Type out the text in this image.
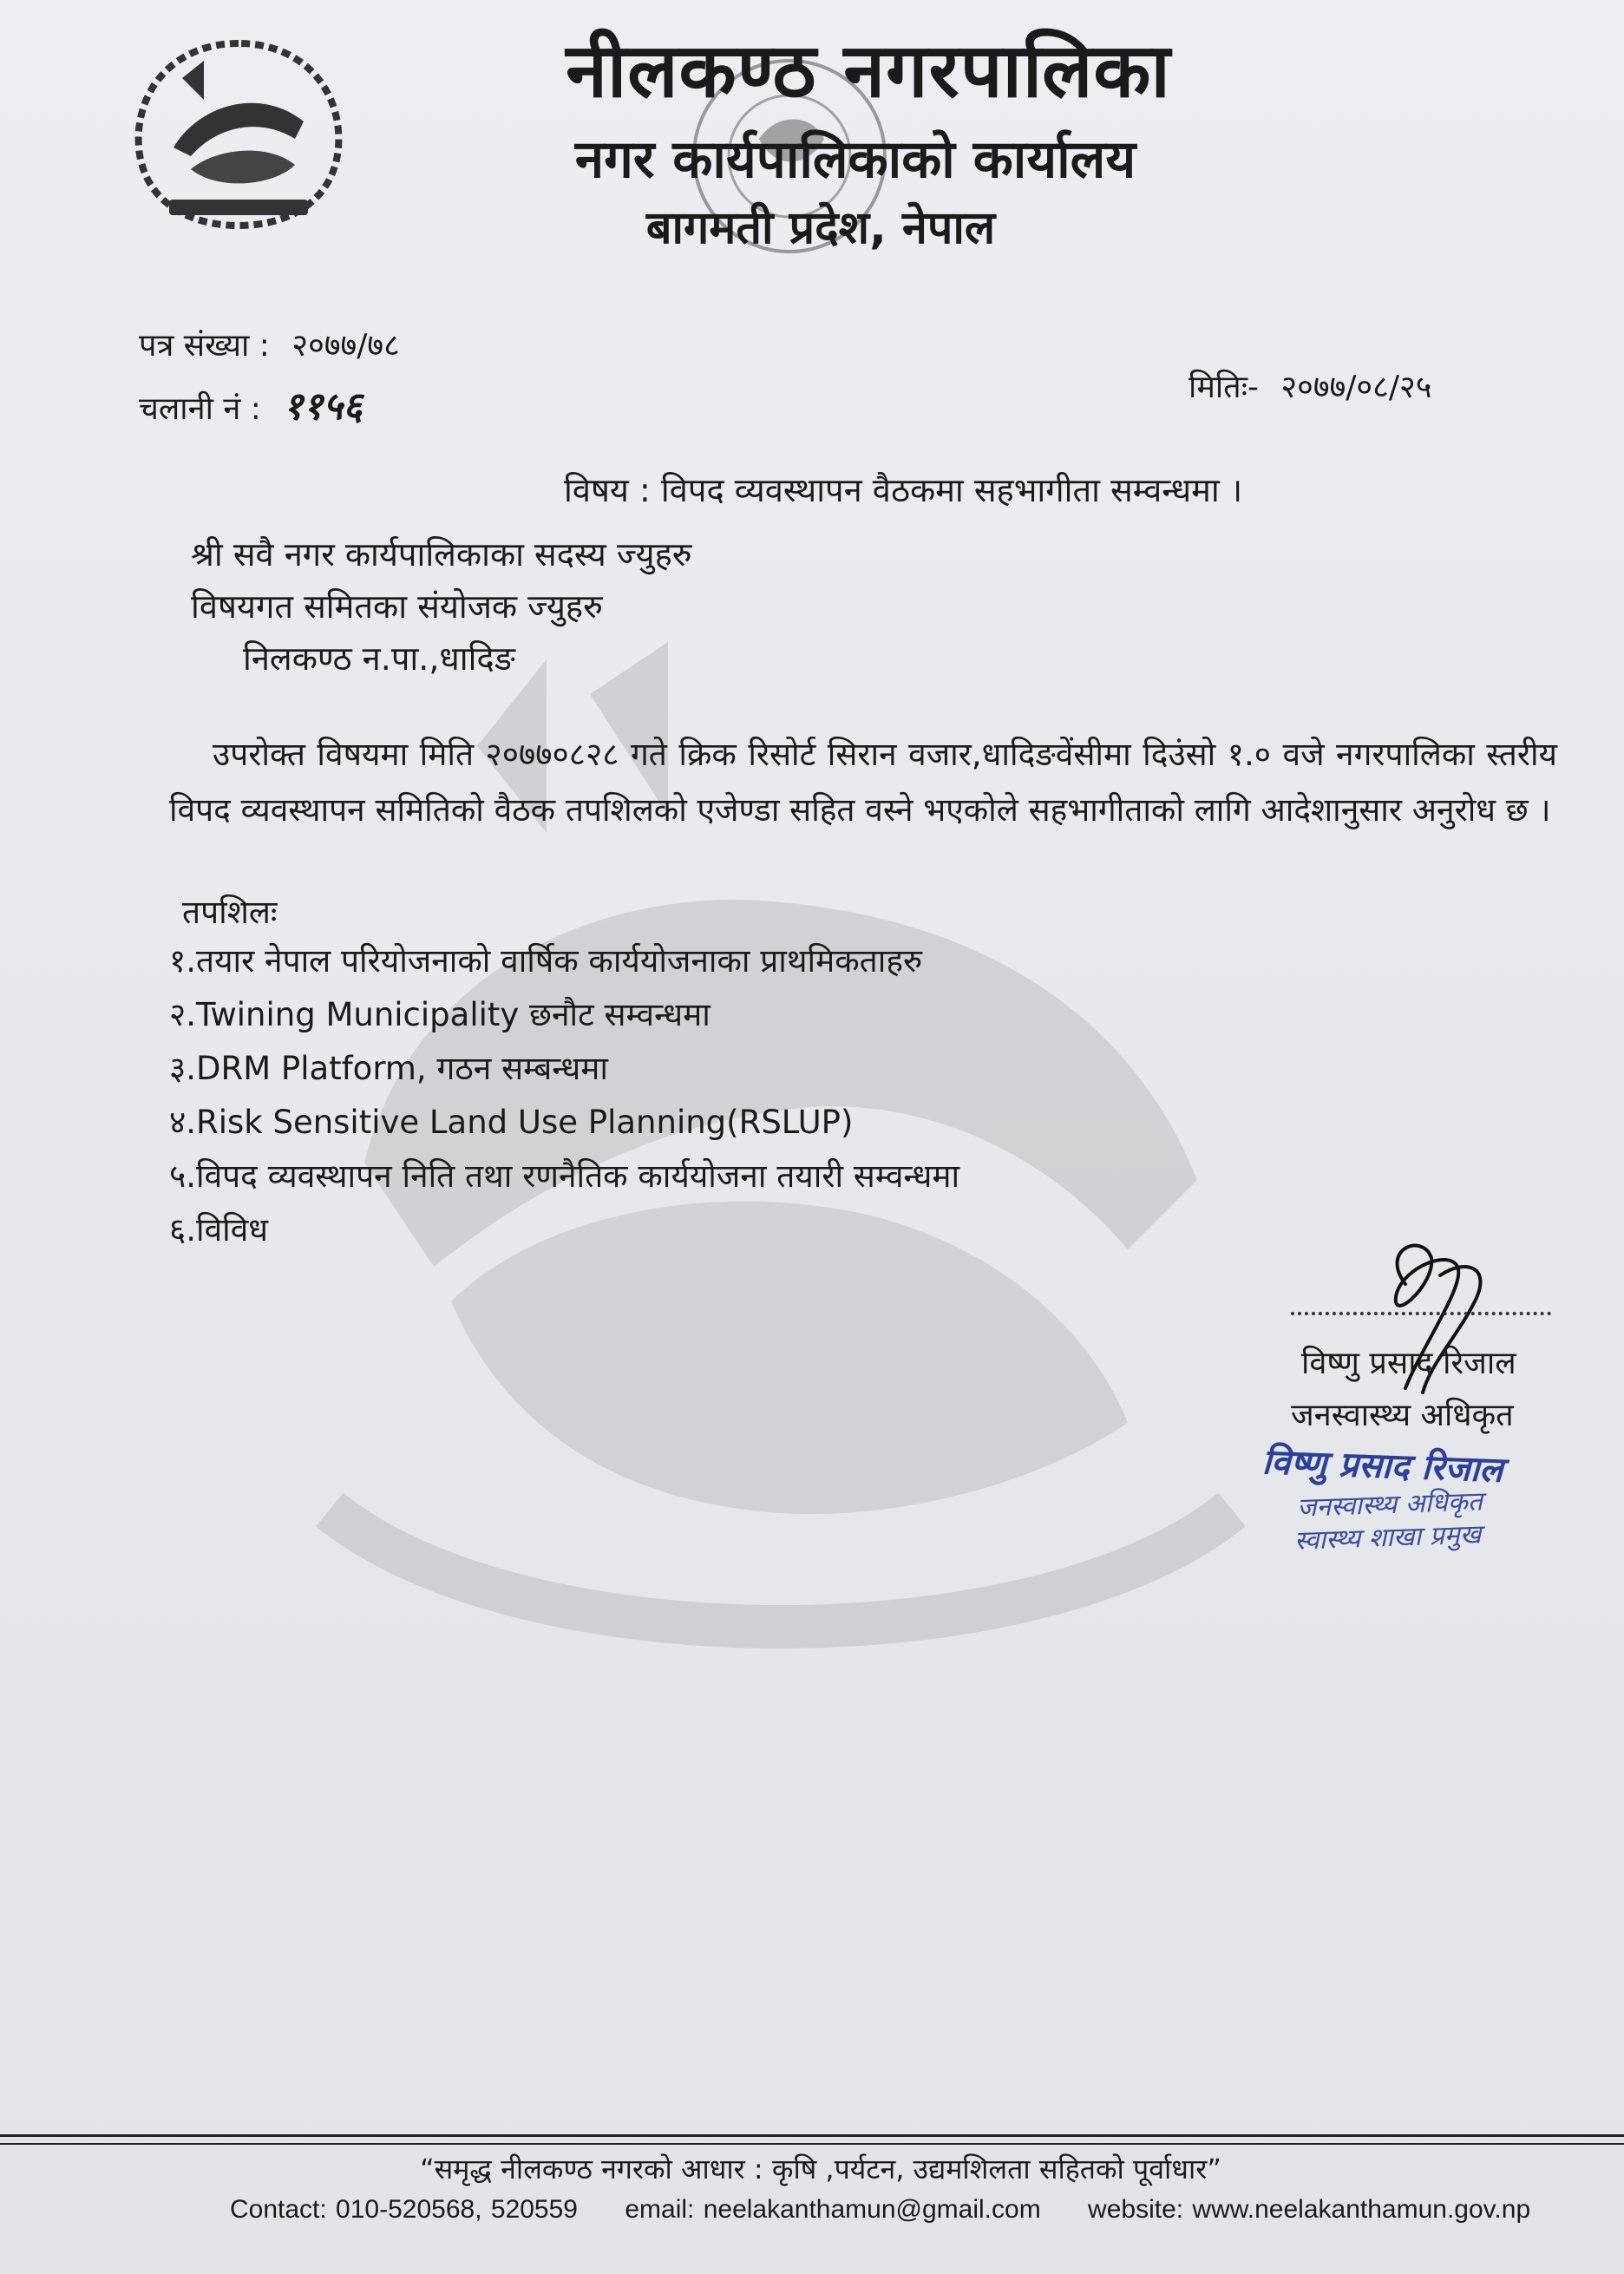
नीलकण्ठ नगरपालिका
नगर कार्यपालिकाको कार्यालय
बागमती प्रदेश, नेपाल
पत्र संख्या : २०७७/७८
चलानी नं : ११५६	मितिः- २०७७/०८/२५
विषय : विपद व्यवस्थापन वैठकमा सहभागीता सम्वन्धमा ।
श्री सवै नगर कार्यपालिकाका सदस्य ज्युहरु
विषयगत समितका संयोजक ज्युहरु
निलकण्ठ न.पा.,धादिङ
उपरोक्त विषयमा मिति २०७७०८२८ गते क्रिक रिसोर्ट सिरान वजार,धादिङवेंसीमा दिउंसो १.० वजे नगरपालिका स्तरीय विपद व्यवस्थापन समितिको वैठक तपशिलको एजेण्डा सहित वस्ने भएकोले सहभागीताको लागि आदेशानुसार अनुरोध छ ।
तपशिलः
१.तयार नेपाल परियोजनाको वार्षिक कार्ययोजनाका प्राथमिकताहरु
२.Twining Municipality छनौट सम्वन्धमा
३.DRM Platform, गठन सम्बन्धमा
४.Risk Sensitive Land Use Planning(RSLUP)
५.विपद व्यवस्थापन निति तथा रणनैतिक कार्ययोजना तयारी सम्वन्धमा
६.विविध
विष्णु प्रसाद रिजाल
जनस्वास्थ्य अधिकृत
विष्णु प्रसाद रिजाल
जनस्वास्थ्य अधिकृत
स्वास्थ्य शाखा प्रमुख
“समृद्ध नीलकण्ठ नगरको आधार : कृषि ,पर्यटन, उद्यमशिलता सहितको पूर्वाधार”
Contact: 010-520568, 520559 email: neelakanthamun@gmail.com website: www.neelakanthamun.gov.np
